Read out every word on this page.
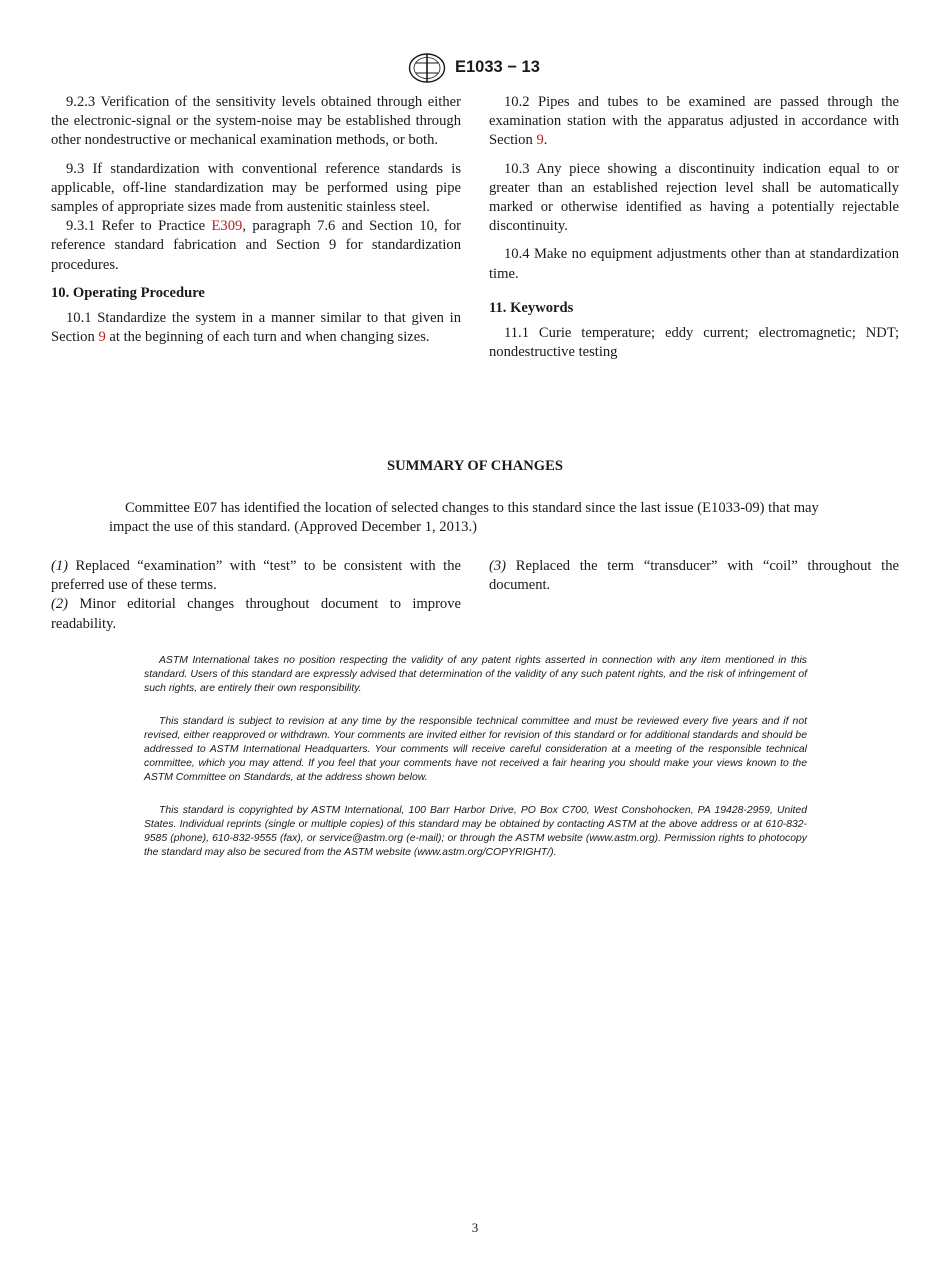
E1033 − 13

9.2.3 Verification of the sensitivity levels obtained through either the electronic-signal or the system-noise may be established through other nondestructive or mechanical examination methods, or both.

9.3 If standardization with conventional reference standards is applicable, off-line standardization may be performed using pipe samples of appropriate sizes made from austenitic stainless steel.

9.3.1 Refer to Practice E309, paragraph 7.6 and Section 10, for reference standard fabrication and Section 9 for standardization procedures.

10. Operating Procedure

10.1 Standardize the system in a manner similar to that given in Section 9 at the beginning of each turn and when changing sizes.

10.2 Pipes and tubes to be examined are passed through the examination station with the apparatus adjusted in accordance with Section 9.

10.3 Any piece showing a discontinuity indication equal to or greater than an established rejection level shall be automatically marked or otherwise identified as having a potentially rejectable discontinuity.

10.4 Make no equipment adjustments other than at standardization time.

11. Keywords

11.1 Curie temperature; eddy current; electromagnetic; NDT; nondestructive testing

SUMMARY OF CHANGES
Committee E07 has identified the location of selected changes to this standard since the last issue (E1033-09) that may impact the use of this standard. (Approved December 1, 2013.)

(1) Replaced “examination” with “test” to be consistent with the preferred use of these terms.

(2) Minor editorial changes throughout document to improve readability.

(3) Replaced the term “transducer” with “coil” throughout the document.

ASTM International takes no position respecting the validity of any patent rights asserted in connection with any item mentioned in this standard. Users of this standard are expressly advised that determination of the validity of any such patent rights, and the risk of infringement of such rights, are entirely their own responsibility.

This standard is subject to revision at any time by the responsible technical committee and must be reviewed every five years and if not revised, either reapproved or withdrawn. Your comments are invited either for revision of this standard or for additional standards and should be addressed to ASTM International Headquarters. Your comments will receive careful consideration at a meeting of the responsible technical committee, which you may attend. If you feel that your comments have not received a fair hearing you should make your views known to the ASTM Committee on Standards, at the address shown below.

This standard is copyrighted by ASTM International, 100 Barr Harbor Drive, PO Box C700, West Conshohocken, PA 19428-2959, United States. Individual reprints (single or multiple copies) of this standard may be obtained by contacting ASTM at the above address or at 610-832-9585 (phone), 610-832-9555 (fax), or service@astm.org (e-mail); or through the ASTM website (www.astm.org). Permission rights to photocopy the standard may also be secured from the ASTM website (www.astm.org/COPYRIGHT/).

3
